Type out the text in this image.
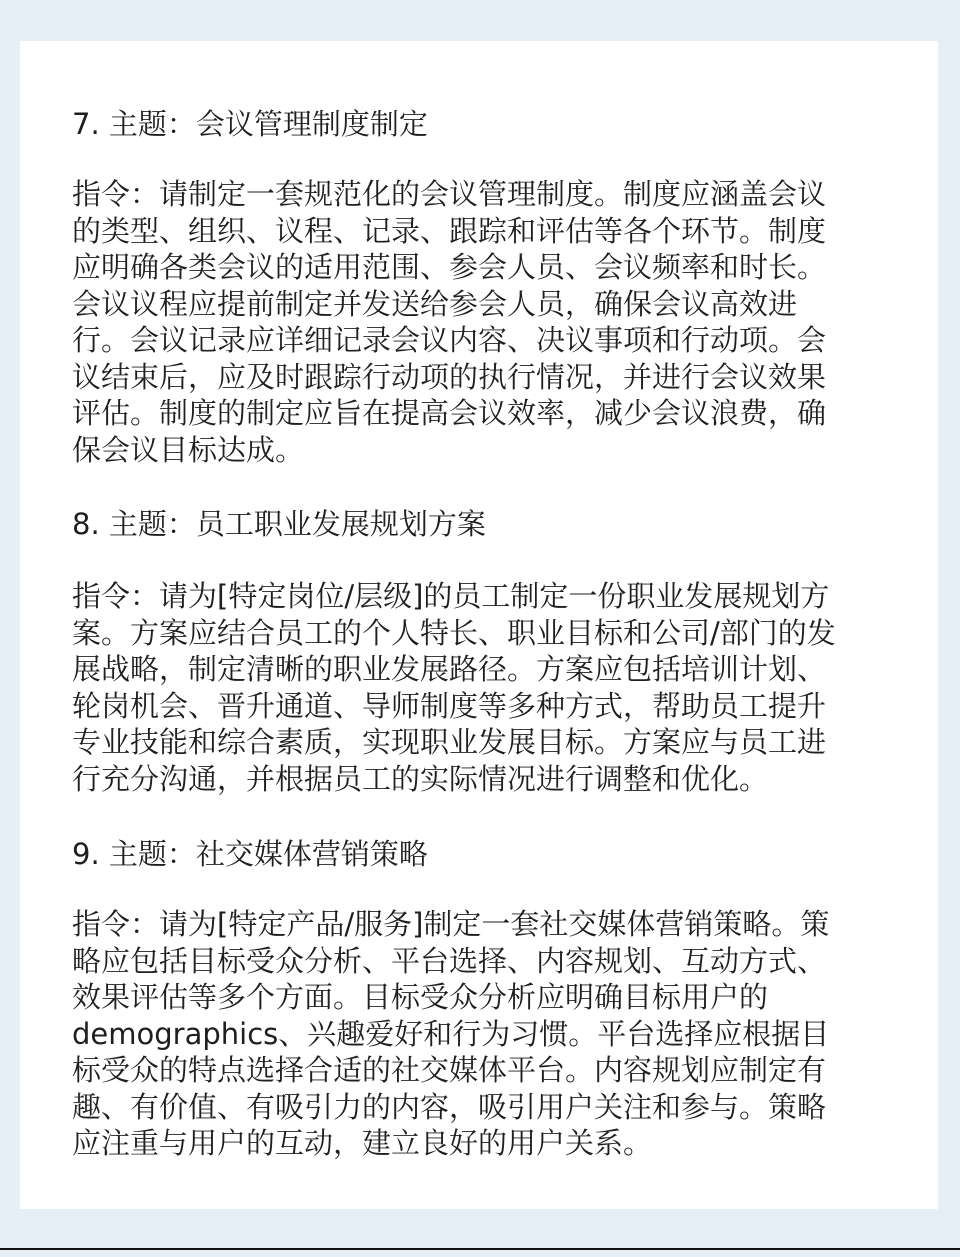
7. 主题：会议管理制度制定
指令：请制定一套规范化的会议管理制度。制度应涵盖会议
的类型、组织、议程、记录、跟踪和评估等各个环节。制度
应明确各类会议的适用范围、参会人员、会议频率和时长。
会议议程应提前制定并发送给参会人员，确保会议高效进
行。会议记录应详细记录会议内容、决议事项和行动项。会
议结束后，应及时跟踪行动项的执行情况，并进行会议效果
评估。制度的制定应旨在提高会议效率，减少会议浪费，确
保会议目标达成。
8. 主题：员工职业发展规划方案
指令：请为[特定岗位/层级]的员工制定一份职业发展规划方
案。方案应结合员工的个人特长、职业目标和公司/部门的发
展战略，制定清晰的职业发展路径。方案应包括培训计划、
轮岗机会、晋升通道、导师制度等多种方式，帮助员工提升
专业技能和综合素质，实现职业发展目标。方案应与员工进
行充分沟通，并根据员工的实际情况进行调整和优化。
9. 主题：社交媒体营销策略
指令：请为[特定产品/服务]制定一套社交媒体营销策略。策
略应包括目标受众分析、平台选择、内容规划、互动方式、
效果评估等多个方面。目标受众分析应明确目标用户的
demographics、兴趣爱好和行为习惯。平台选择应根据目
标受众的特点选择合适的社交媒体平台。内容规划应制定有
趣、有价值、有吸引力的内容，吸引用户关注和参与。策略
应注重与用户的互动，建立良好的用户关系。
